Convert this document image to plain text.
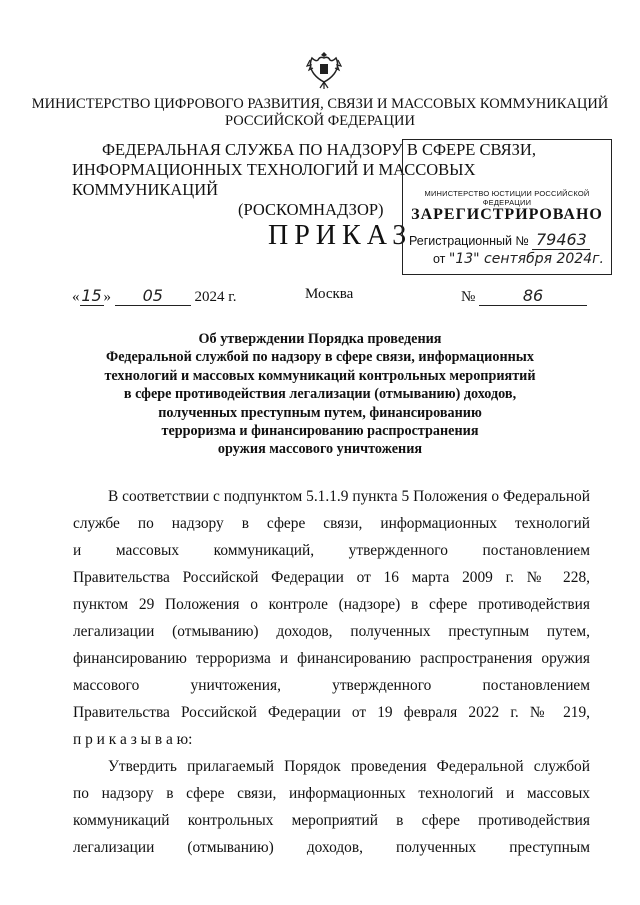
МИНИСТЕРСТВО ЦИФРОВОГО РАЗВИТИЯ, СВЯЗИ И МАССОВЫХ КОММУНИКАЦИЙ
РОССИЙСКОЙ ФЕДЕРАЦИИ
ФЕДЕРАЛЬНАЯ СЛУЖБА ПО НАДЗОРУ В СФЕРЕ СВЯЗИ,
ИНФОРМАЦИОННЫХ ТЕХНОЛОГИЙ И МАССОВЫХ КОММУНИКАЦИЙ
(РОСКОМНАДЗОР)
ПРИКАЗ
МИНИСТЕРСТВО ЮСТИЦИИ РОССИЙСКОЙ ФЕДЕРАЦИИ
ЗАРЕГИСТРИРОВАНО
Регистрационный № 79463
от "13" сентября 2024г.
« 15 » 05 2024 г.	Москва	№	86
Об утверждении Порядка проведения
Федеральной службой по надзору в сфере связи, информационных
технологий и массовых коммуникаций контрольных мероприятий
в сфере противодействия легализации (отмыванию) доходов,
полученных преступным путем, финансированию
терроризма и финансированию распространения
оружия массового уничтожения
В соответствии с подпунктом 5.1.1.9 пункта 5 Положения о Федеральной
службе по надзору в сфере связи, информационных технологий
и массовых коммуникаций, утвержденного постановлением
Правительства Российской Федерации от 16 марта 2009 г. № 228,
пунктом 29 Положения о контроле (надзоре) в сфере противодействия
легализации (отмыванию) доходов, полученных преступным путем,
финансированию терроризма и финансированию распространения оружия
массового уничтожения, утвержденного постановлением
Правительства Российской Федерации от 19 февраля 2022 г. № 219,
п р и к а з ы в а ю:
Утвердить прилагаемый Порядок проведения Федеральной службой
по надзору в сфере связи, информационных технологий и массовых
коммуникаций контрольных мероприятий в сфере противодействия
легализации (отмыванию) доходов, полученных преступным
